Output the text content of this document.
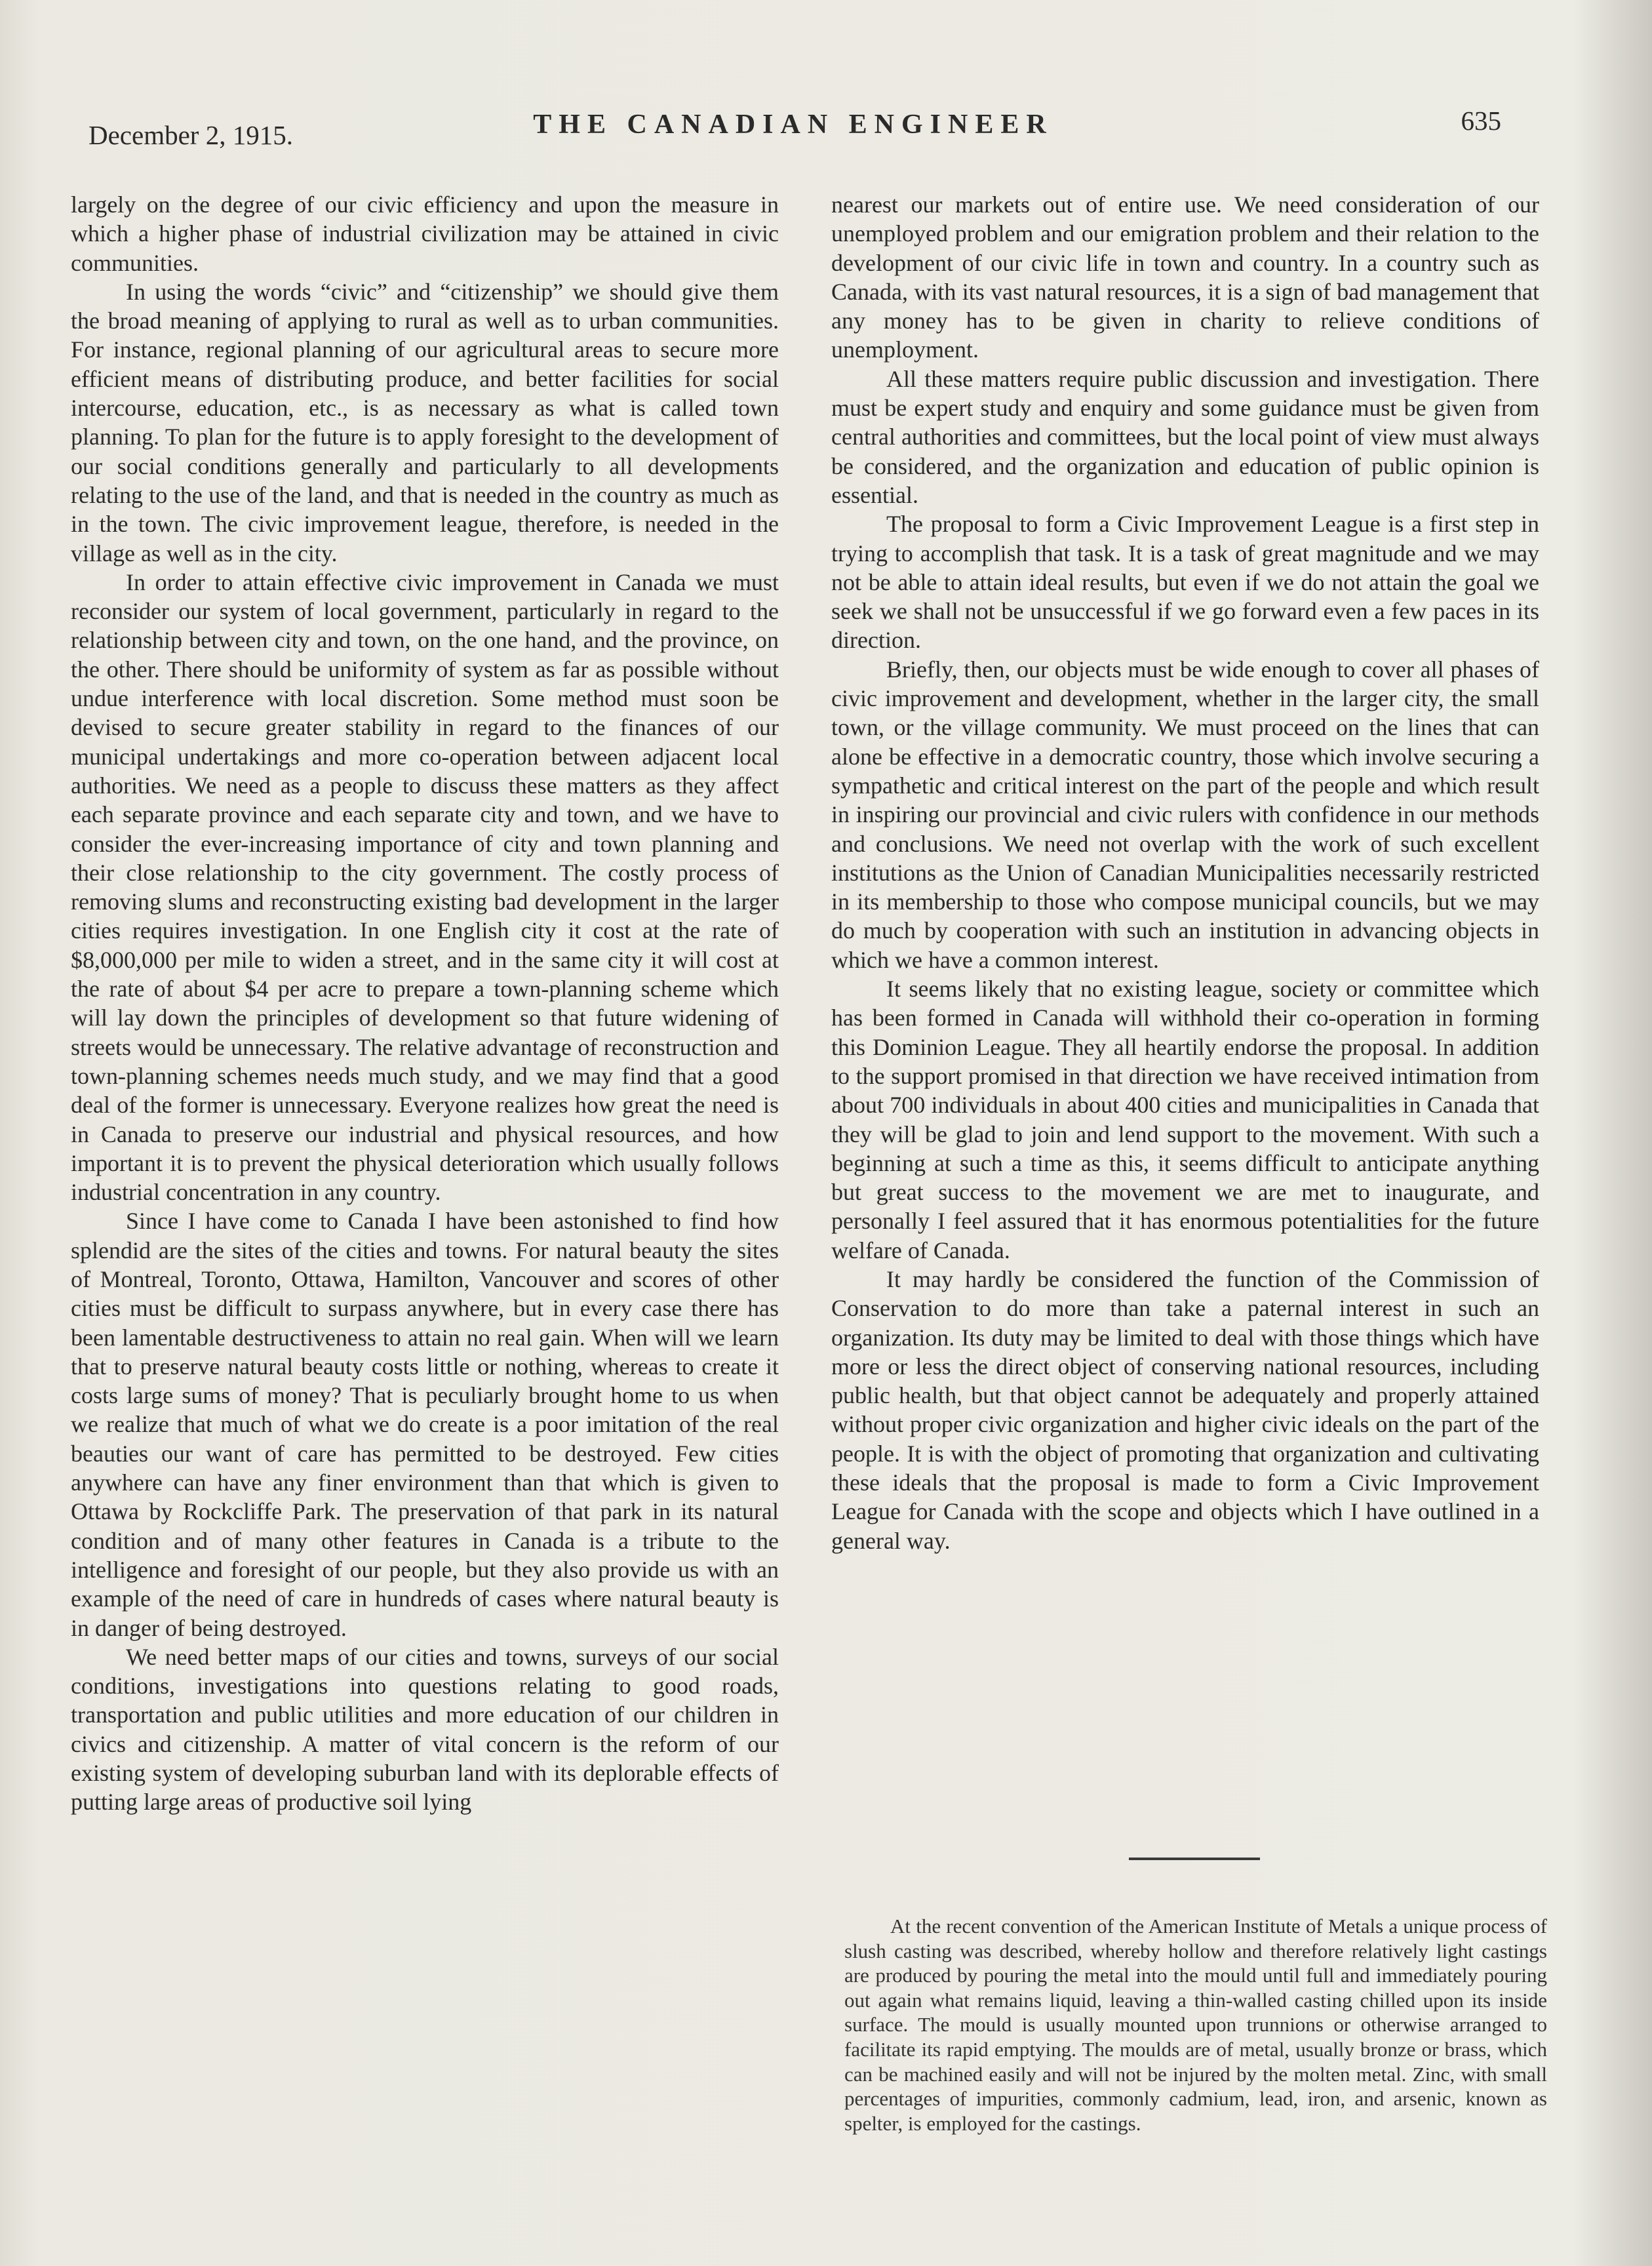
December 2, 1915.	THE CANADIAN ENGINEER	635

largely on the degree of our civic efficiency and upon the measure in which a higher phase of industrial civilization may be attained in civic communities.

In using the words “civic” and “citizenship” we should give them the broad meaning of applying to rural as well as to urban communities. For instance, regional planning of our agricultural areas to secure more efficient means of distributing produce, and better facilities for social intercourse, education, etc., is as necessary as what is called town planning. To plan for the future is to apply foresight to the development of our social conditions generally and particularly to all developments relating to the use of the land, and that is needed in the country as much as in the town. The civic improvement league, therefore, is needed in the village as well as in the city.

In order to attain effective civic improvement in Canada we must reconsider our system of local government, particularly in regard to the relationship between city and town, on the one hand, and the province, on the other. There should be uniformity of system as far as possible without undue interference with local discretion. Some method must soon be devised to secure greater stability in regard to the finances of our municipal undertakings and more co-operation between adjacent local authorities. We need as a people to discuss these matters as they affect each separate province and each separate city and town, and we have to consider the ever-increasing importance of city and town planning and their close relationship to the city government. The costly process of removing slums and reconstructing existing bad development in the larger cities requires investigation. In one English city it cost at the rate of $8,000,000 per mile to widen a street, and in the same city it will cost at the rate of about $4 per acre to prepare a town-planning scheme which will lay down the principles of development so that future widening of streets would be unnecessary. The relative advantage of reconstruction and town-planning schemes needs much study, and we may find that a good deal of the former is unnecessary. Everyone realizes how great the need is in Canada to preserve our industrial and physical resources, and how important it is to prevent the physical deterioration which usually follows industrial concentration in any country.

Since I have come to Canada I have been astonished to find how splendid are the sites of the cities and towns. For natural beauty the sites of Montreal, Toronto, Ottawa, Hamilton, Vancouver and scores of other cities must be difficult to surpass anywhere, but in every case there has been lamentable destructiveness to attain no real gain. When will we learn that to preserve natural beauty costs little or nothing, whereas to create it costs large sums of money? That is peculiarly brought home to us when we realize that much of what we do create is a poor imitation of the real beauties our want of care has permitted to be destroyed. Few cities anywhere can have any finer environment than that which is given to Ottawa by Rockcliffe Park. The preservation of that park in its natural condition and of many other features in Canada is a tribute to the intelligence and foresight of our people, but they also provide us with an example of the need of care in hundreds of cases where natural beauty is in danger of being destroyed.

We need better maps of our cities and towns, surveys of our social conditions, investigations into questions relating to good roads, transportation and public utilities and more education of our children in civics and citizenship. A matter of vital concern is the reform of our existing system of developing suburban land with its deplorable effects of putting large areas of productive soil lying

nearest our markets out of entire use. We need consideration of our unemployed problem and our emigration problem and their relation to the development of our civic life in town and country. In a country such as Canada, with its vast natural resources, it is a sign of bad management that any money has to be given in charity to relieve conditions of unemployment.

All these matters require public discussion and investigation. There must be expert study and enquiry and some guidance must be given from central authorities and committees, but the local point of view must always be considered, and the organization and education of public opinion is essential.

The proposal to form a Civic Improvement League is a first step in trying to accomplish that task. It is a task of great magnitude and we may not be able to attain ideal results, but even if we do not attain the goal we seek we shall not be unsuccessful if we go forward even a few paces in its direction.

Briefly, then, our objects must be wide enough to cover all phases of civic improvement and development, whether in the larger city, the small town, or the village community. We must proceed on the lines that can alone be effective in a democratic country, those which involve securing a sympathetic and critical interest on the part of the people and which result in inspiring our provincial and civic rulers with confidence in our methods and conclusions. We need not overlap with the work of such excellent institutions as the Union of Canadian Municipalities necessarily restricted in its membership to those who compose municipal councils, but we may do much by cooperation with such an institution in advancing objects in which we have a common interest.

It seems likely that no existing league, society or committee which has been formed in Canada will withhold their co-operation in forming this Dominion League. They all heartily endorse the proposal. In addition to the support promised in that direction we have received intimation from about 700 individuals in about 400 cities and municipalities in Canada that they will be glad to join and lend support to the movement. With such a beginning at such a time as this, it seems difficult to anticipate anything but great success to the movement we are met to inaugurate, and personally I feel assured that it has enormous potentialities for the future welfare of Canada.

It may hardly be considered the function of the Commission of Conservation to do more than take a paternal interest in such an organization. Its duty may be limited to deal with those things which have more or less the direct object of conserving national resources, including public health, but that object cannot be adequately and properly attained without proper civic organization and higher civic ideals on the part of the people. It is with the object of promoting that organization and cultivating these ideals that the proposal is made to form a Civic Improvement League for Canada with the scope and objects which I have outlined in a general way.

At the recent convention of the American Institute of Metals a unique process of slush casting was described, whereby hollow and therefore relatively light castings are produced by pouring the metal into the mould until full and immediately pouring out again what remains liquid, leaving a thin-walled casting chilled upon its inside surface. The mould is usually mounted upon trunnions or otherwise arranged to facilitate its rapid emptying. The moulds are of metal, usually bronze or brass, which can be machined easily and will not be injured by the molten metal. Zinc, with small percentages of impurities, commonly cadmium, lead, iron, and arsenic, known as spelter, is employed for the castings.
